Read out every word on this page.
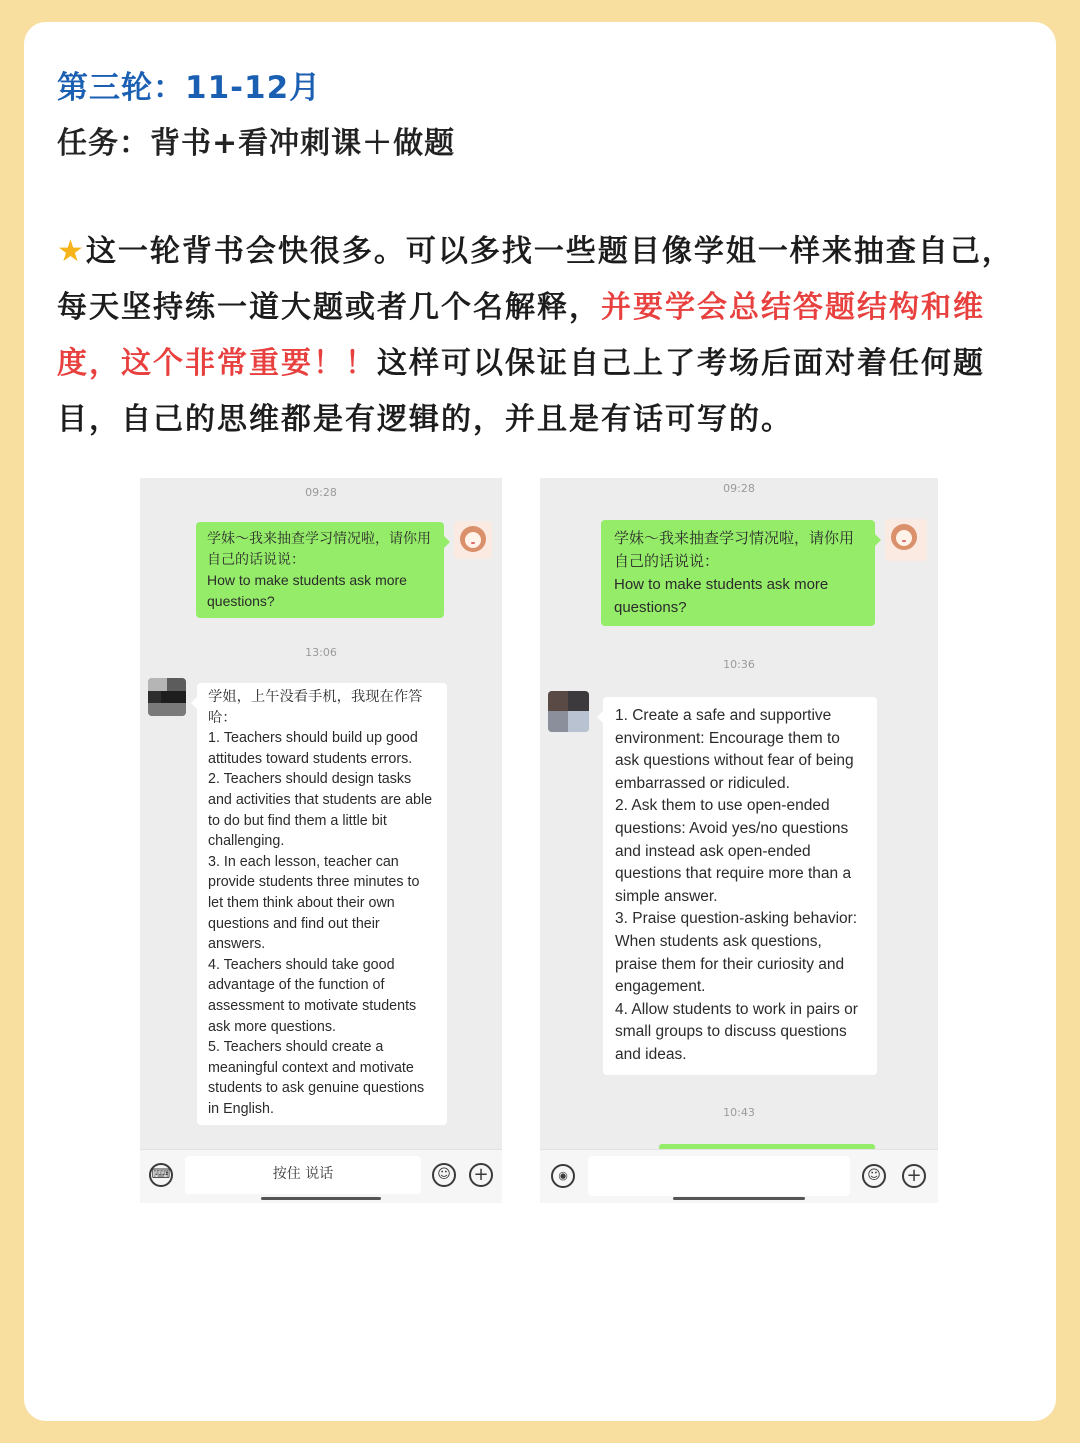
第三轮：11-12月
任务：背书+看冲刺课＋做题
★这一轮背书会快很多。可以多找一些题目像学姐一样来抽查自己，每天坚持练一道大题或者几个名解释，并要学会总结答题结构和维度，这个非常重要！！这样可以保证自己上了考场后面对着任何题目，自己的思维都是有逻辑的，并且是有话可写的。
09:28
学妹～我来抽查学习情况啦，请你用自己的话说说：
How to make students ask more questions?
13:06
学姐，上午没看手机，我现在作答哈：
1. Teachers should build up good attitudes toward students errors.
2. Teachers should design tasks and activities that students are able to do but find them a little bit challenging.
3. In each lesson, teacher can provide students three minutes to let them think about their own questions and find out their answers.
4. Teachers should take good advantage of the function of assessment to motivate students ask more questions.
5. Teachers should create a meaningful context and motivate students to ask genuine questions in English.
⌨	按住 说话	☺ +
09:28
学妹～我来抽查学习情况啦，请你用自己的话说说：
How to make students ask more questions?
10:36
1. Create a safe and supportive environment: Encourage them to ask questions without fear of being embarrassed or ridiculed.
2. Ask them to use open-ended questions: Avoid yes/no questions and instead ask open-ended questions that require more than a simple answer.
3. Praise question-asking behavior: When students ask questions, praise them for their curiosity and engagement.
4. Allow students to work in pairs or small groups to discuss questions and ideas.
10:43
◉	☺ +
